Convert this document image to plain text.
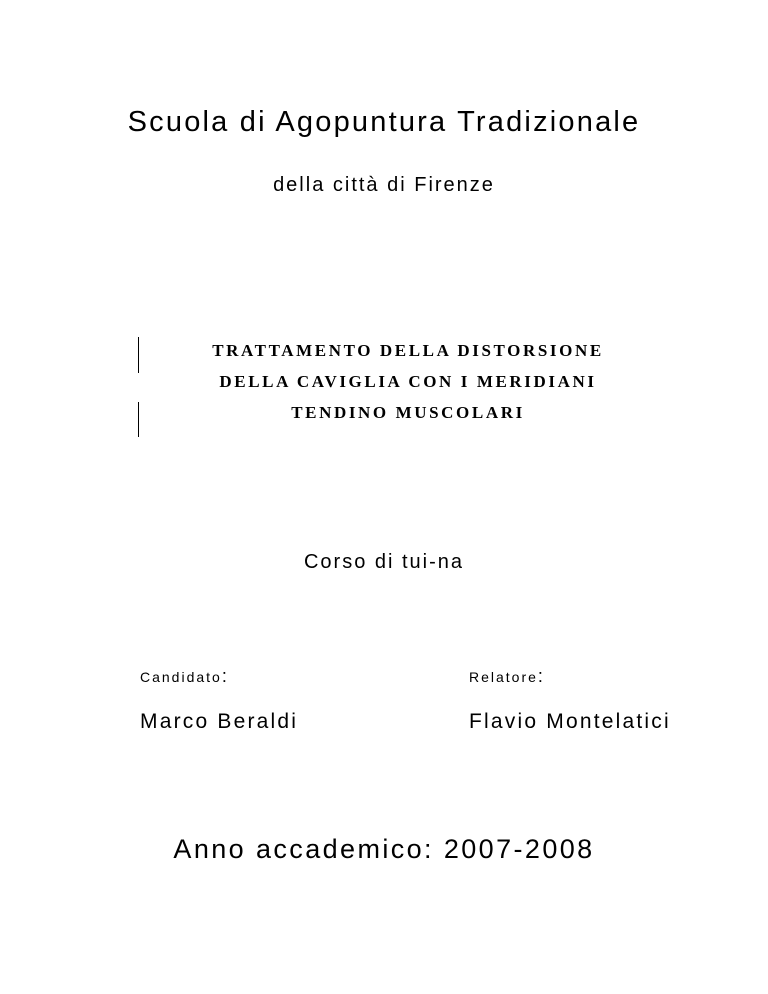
Scuola di Agopuntura Tradizionale
della città di Firenze
TRATTAMENTO DELLA DISTORSIONE
DELLA CAVIGLIA CON I MERIDIANI
TENDINO MUSCOLARI
Corso di tui-na
Candidato:	Relatore:
Marco Beraldi	Flavio Montelatici
Anno accademico: 2007-2008
